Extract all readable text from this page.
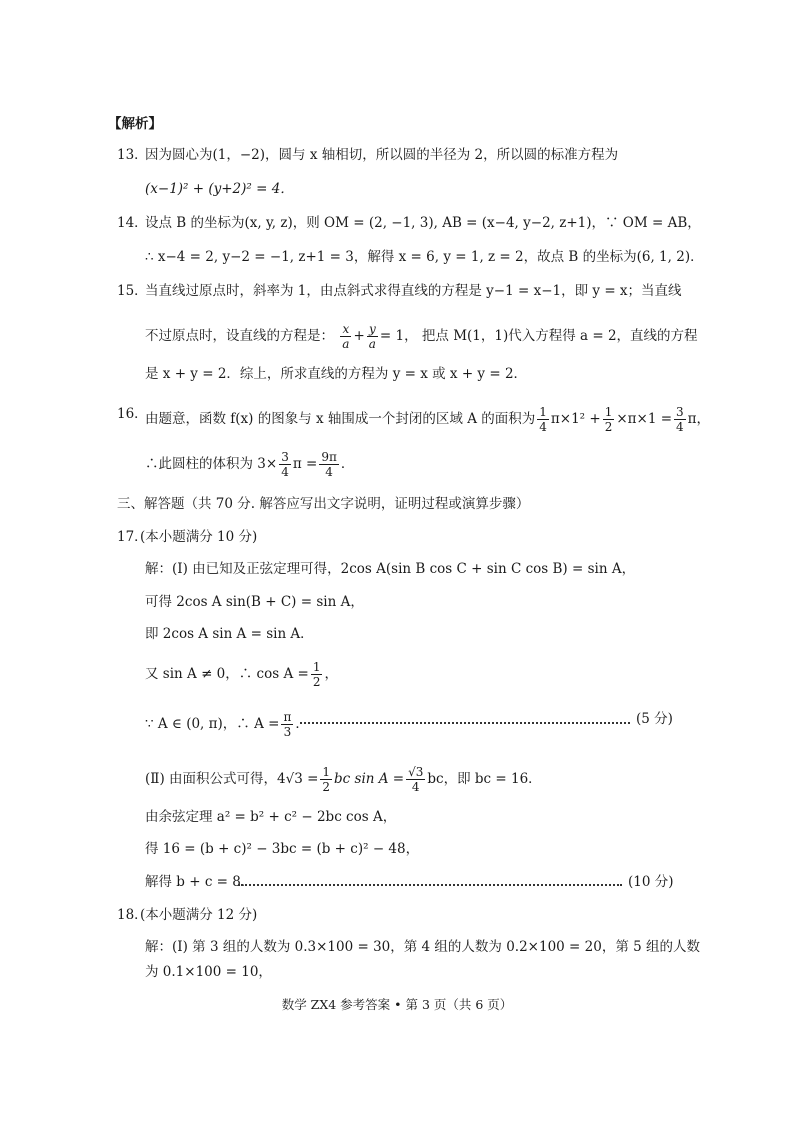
【解析】
13．
因为圆心为(1，−2)，圆与 x 轴相切，所以圆的半径为 2，所以圆的标准方程为
(x−1)² + (y+2)² = 4．
14．
设点 B 的坐标为(x, y, z)，则 OM = (2, −1, 3), AB = (x−4, y−2, z+1)，∵ OM = AB，
∴ x−4 = 2, y−2 = −1, z+1 = 3，解得 x = 6, y = 1, z = 2，故点 B 的坐标为(6, 1, 2)．
15．
当直线过原点时，斜率为 1，由点斜式求得直线的方程是 y−1 = x−1，即 y = x；当直线
不过原点时，设直线的方程是： $\frac{x}{a} + \frac{y}{a} = 1$， 把点 M(1，1)代入方程得 a = 2，直线的方程
是 x + y = 2．综上，所求直线的方程为 y = x 或 x + y = 2．
16．
由题意，函数 f(x) 的图象与 x 轴围成一个封闭的区域 A 的面积为 $\frac{1}{4} \pi\times 1^2 + \frac{1}{2} \times\pi\times 1 = \frac{3}{4}$ π，
∴此圆柱的体积为 $3\times \frac{3}{4}$ $\pi = \frac{9\pi}{4}$ ．
三、解答题（共 70 分. 解答应写出文字说明，证明过程或演算步骤）
17．
(本小题满分 10 分)
解：(Ⅰ) 由已知及正弦定理可得，2cos A(sin B cos C + sin C cos B) = sin A，
可得 2cos A sin(B + C) = sin A，
即 2cos A sin A = sin A．
又 sin A ≠ 0，∴ $\cos A = \frac{1}{2}$ ，
∵ A ∈ (0, π)，∴ $A = \frac{\pi}{3}$ ．	(5 分)
(Ⅱ) 由面积公式可得，$4√3 = \frac{1}{2}$ bc $\sin A = \frac{√3}{4}$ bc，即 bc = 16．
由余弦定理 a² = b² + c² − 2bc cos A，
得 16 = (b + c)² − 3bc = (b + c)² − 48，
解得 b + c = 8．	(10 分)
18．
(本小题满分 12 分)
解：(Ⅰ) 第 3 组的人数为 0.3×100 = 30，第 4 组的人数为 0.2×100 = 20，第 5 组的人数
为 0.1×100 = 10，
数学 ZX4 参考答案 • 第 3 页（共 6 页）
